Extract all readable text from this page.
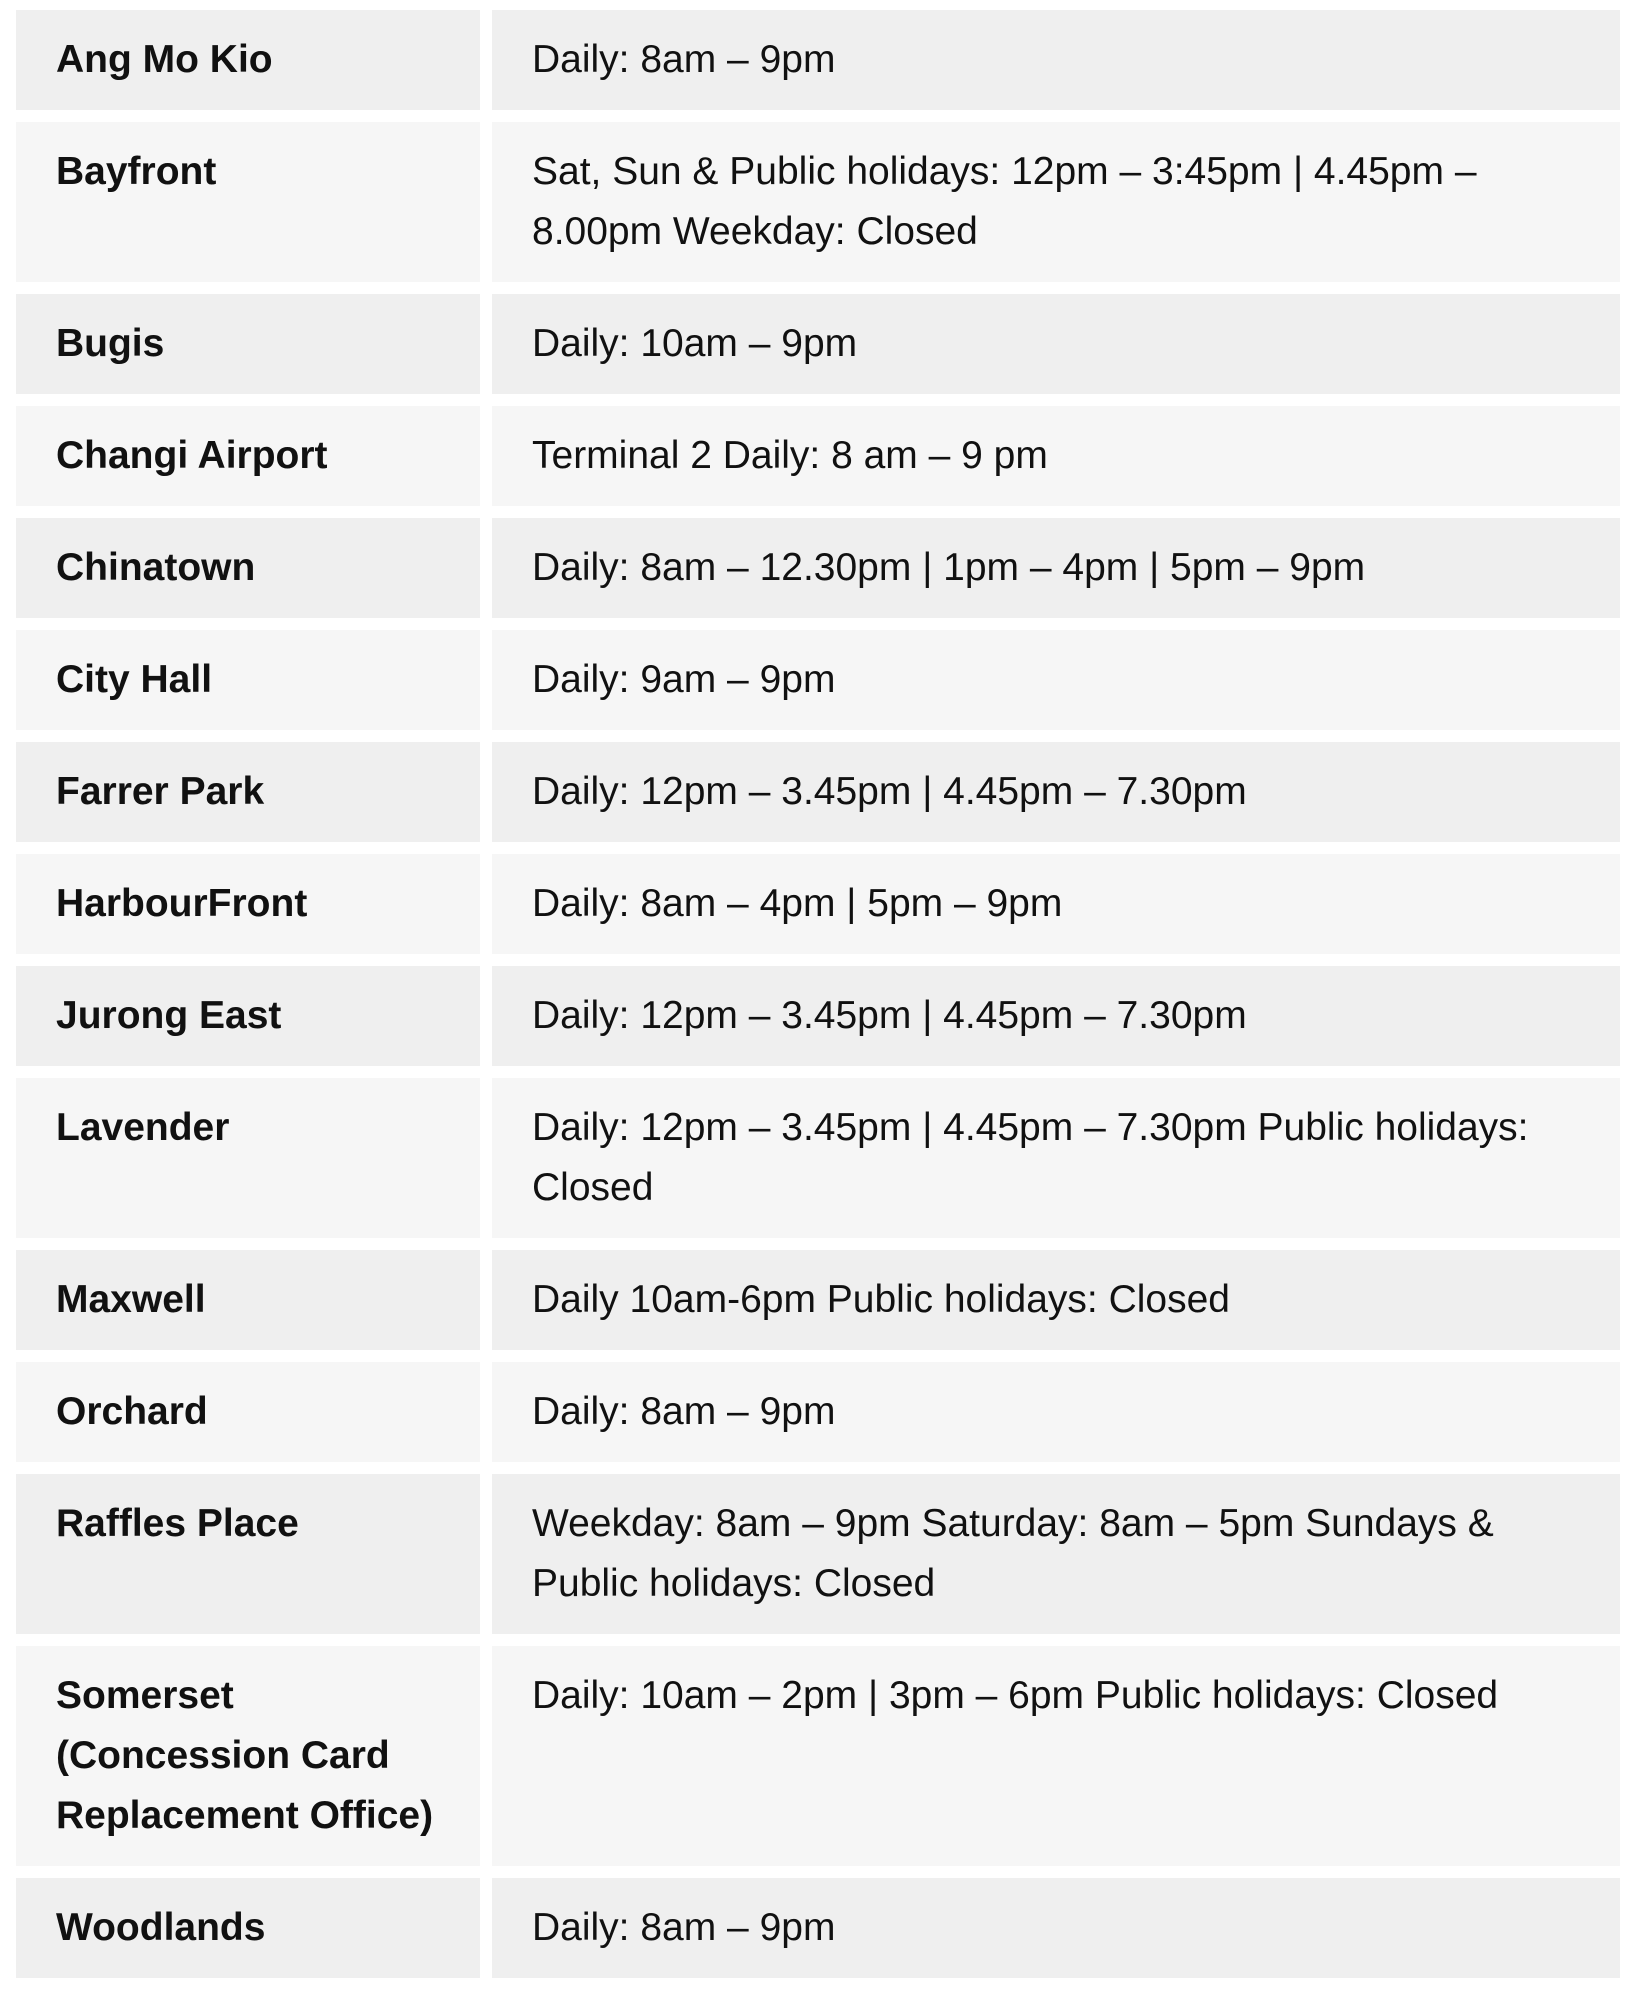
Ang Mo Kio	Daily: 8am – 9pm
Bayfront	Sat, Sun & Public holidays: 12pm – 3:45pm | 4.45pm – 8.00pm Weekday: Closed
Bugis	Daily: 10am – 9pm
Changi Airport	Terminal 2 Daily: 8 am – 9 pm
Chinatown	Daily: 8am – 12.30pm | 1pm – 4pm | 5pm – 9pm
City Hall	Daily: 9am – 9pm
Farrer Park	Daily: 12pm – 3.45pm | 4.45pm – 7.30pm
HarbourFront	Daily: 8am – 4pm | 5pm – 9pm
Jurong East	Daily: 12pm – 3.45pm | 4.45pm – 7.30pm
Lavender	Daily: 12pm – 3.45pm | 4.45pm – 7.30pm Public holidays: Closed
Maxwell	Daily 10am-6pm Public holidays: Closed
Orchard	Daily: 8am – 9pm
Raffles Place	Weekday: 8am – 9pm Saturday: 8am – 5pm Sundays & Public holidays: Closed
Somerset (Concession Card Replacement Office)	Daily: 10am – 2pm | 3pm – 6pm Public holidays: Closed
Woodlands	Daily: 8am – 9pm
